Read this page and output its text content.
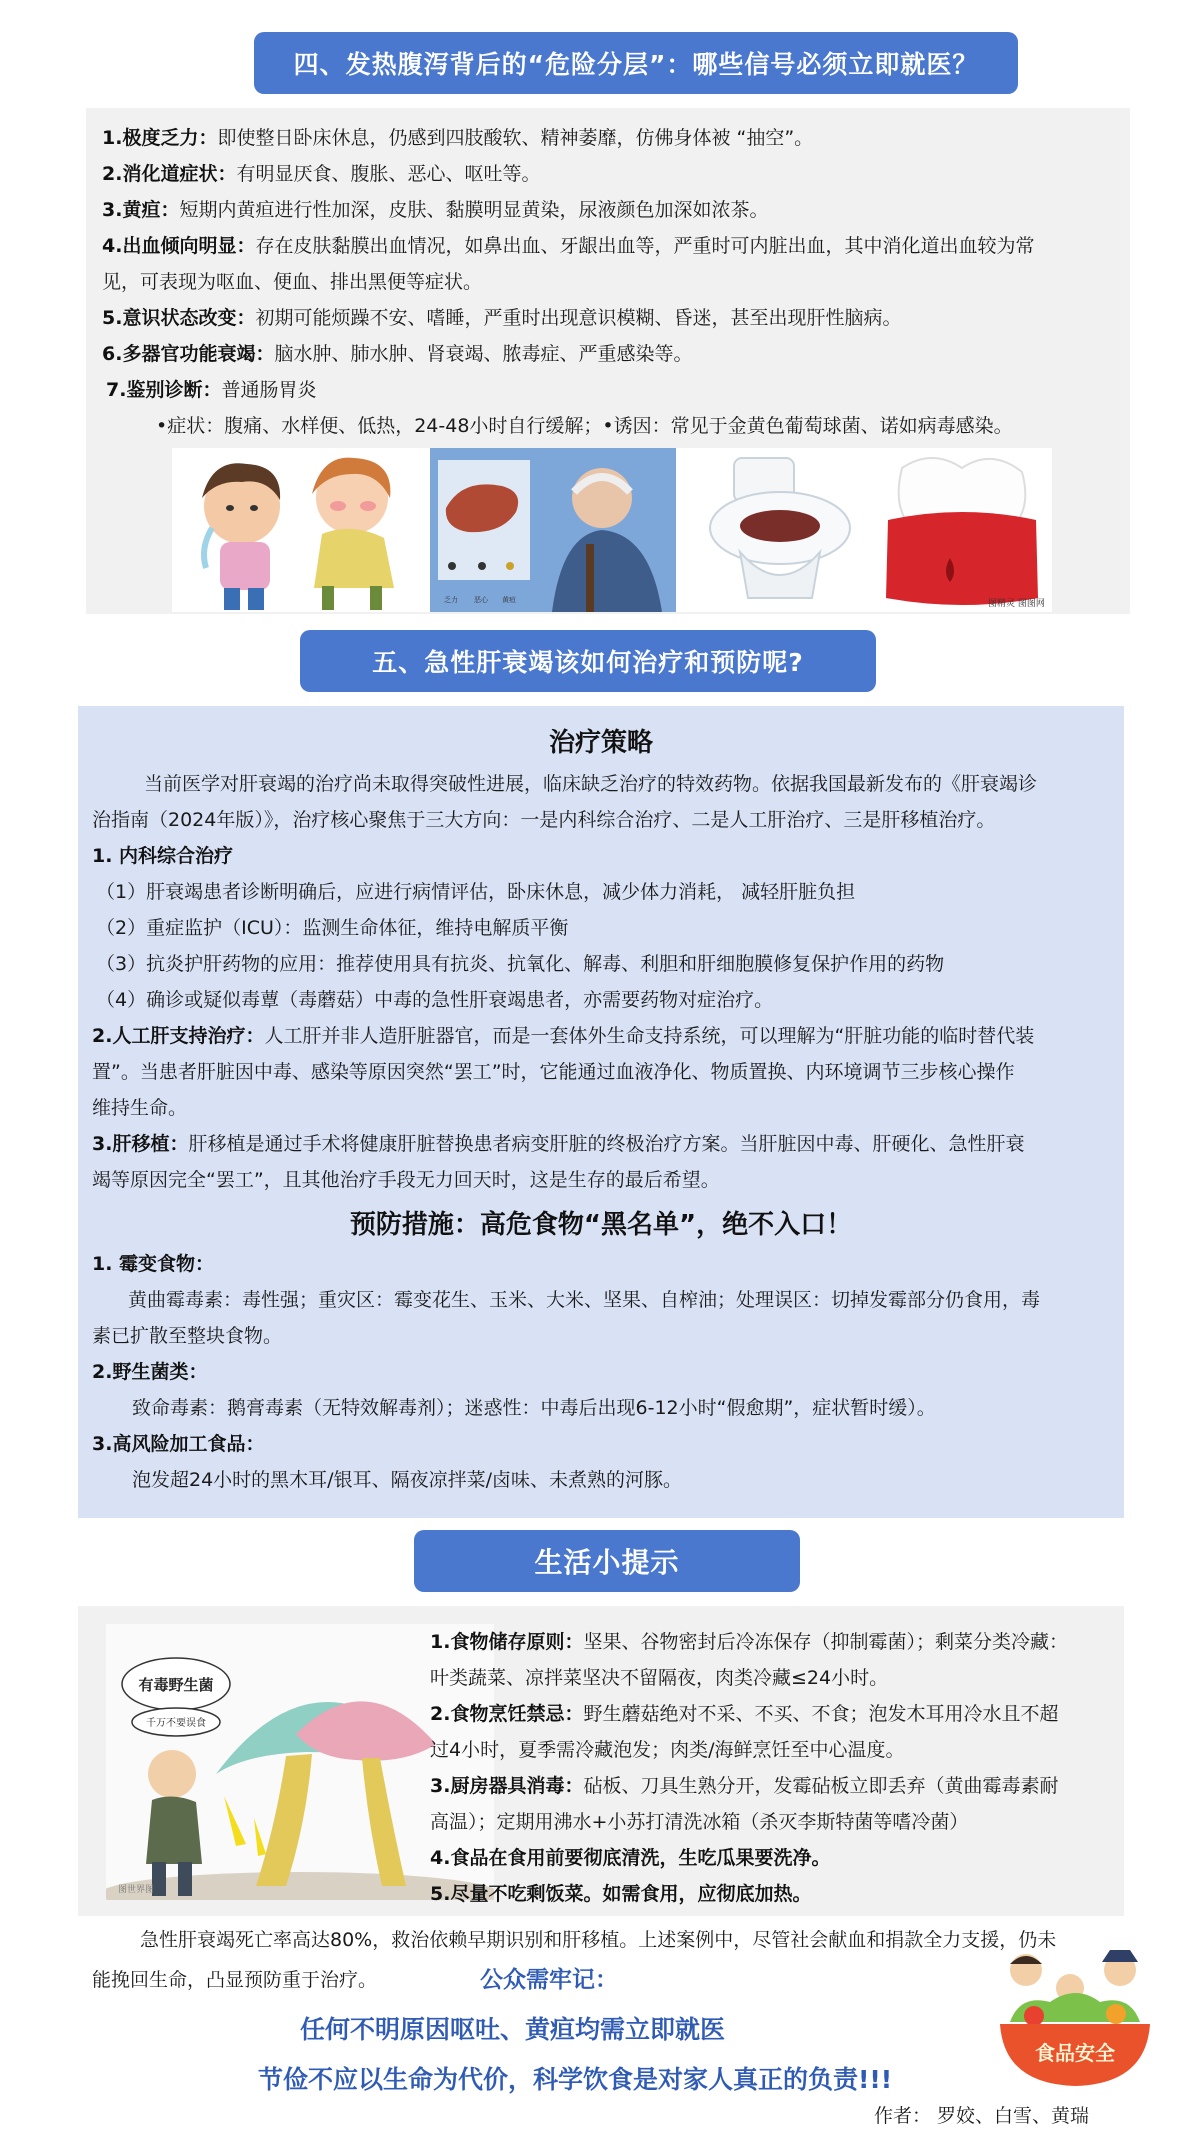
四、发热腹泻背后的“危险分层”：哪些信号必须立即就医？
1.极度乏力：即使整日卧床休息，仍感到四肢酸软、精神萎靡，仿佛身体被 “抽空”。
2.消化道症状：有明显厌食、腹胀、恶心、呕吐等。
3.黄疸：短期内黄疸进行性加深，皮肤、黏膜明显黄染，尿液颜色加深如浓茶。
4.出血倾向明显：存在皮肤黏膜出血情况，如鼻出血、牙龈出血等，严重时可内脏出血，其中消化道出血较为常
见，可表现为呕血、便血、排出黑便等症状。
5.意识状态改变：初期可能烦躁不安、嗜睡，严重时出现意识模糊、昏迷，甚至出现肝性脑病。
6.多器官功能衰竭：脑水肿、肺水肿、肾衰竭、脓毒症、严重感染等。
7.鉴别诊断：普通肠胃炎
•症状：腹痛、水样便、低热，24-48小时自行缓解；•诱因：常见于金黄色葡萄球菌、诺如病毒感染。
乏力 恶心 黄疸	图精灵 图图网
五、急性肝衰竭该如何治疗和预防呢?
治疗策略
当前医学对肝衰竭的治疗尚未取得突破性进展，临床缺乏治疗的特效药物。依据我国最新发布的《肝衰竭诊
治指南（2024年版）》，治疗核心聚焦于三大方向：一是内科综合治疗、二是人工肝治疗、三是肝移植治疗。
1. 内科综合治疗
（1）肝衰竭患者诊断明确后，应进行病情评估，卧床休息，减少体力消耗， 减轻肝脏负担
（2）重症监护（ICU）：监测生命体征，维持电解质平衡
（3）抗炎护肝药物的应用：推荐使用具有抗炎、抗氧化、解毒、利胆和肝细胞膜修复保护作用的药物
（4）确诊或疑似毒蕈（毒蘑菇）中毒的急性肝衰竭患者，亦需要药物对症治疗。
2.人工肝支持治疗：人工肝并非人造肝脏器官，而是一套体外生命支持系统，可以理解为“肝脏功能的临时替代装
置”。当患者肝脏因中毒、感染等原因突然“罢工”时，它能通过血液净化、物质置换、内环境调节三步核心操作
维持生命。
3.肝移植：肝移植是通过手术将健康肝脏替换患者病变肝脏的终极治疗方案。当肝脏因中毒、肝硬化、急性肝衰
竭等原因完全“罢工”，且其他治疗手段无力回天时，这是生存的最后希望。
预防措施：高危食物“黑名单”，绝不入口！
1. 霉变食物：
黄曲霉毒素：毒性强；重灾区：霉变花生、玉米、大米、坚果、自榨油；处理误区：切掉发霉部分仍食用，毒
素已扩散至整块食物。
2.野生菌类：
致命毒素：鹅膏毒素（无特效解毒剂）；迷惑性：中毒后出现6-12小时“假愈期”，症状暂时缓）。
3.高风险加工食品：
泡发超24小时的黑木耳/银耳、隔夜凉拌菜/卤味、未煮熟的河豚。
生活小提示
有毒野生菌
千万不要误食
图世界图
1.食物储存原则：坚果、谷物密封后冷冻保存（抑制霉菌）；剩菜分类冷藏：
叶类蔬菜、凉拌菜坚决不留隔夜，肉类冷藏≤24小时。
2.食物烹饪禁忌：野生蘑菇绝对不采、不买、不食；泡发木耳用冷水且不超
过4小时，夏季需冷藏泡发；肉类/海鲜烹饪至中心温度。
3.厨房器具消毒：砧板、刀具生熟分开，发霉砧板立即丢弃（黄曲霉毒素耐
高温）；定期用沸水+小苏打清洗冰箱（杀灭李斯特菌等嗜冷菌）
4.食品在食用前要彻底清洗，生吃瓜果要洗净。
5.尽量不吃剩饭菜。如需食用，应彻底加热。
急性肝衰竭死亡率高达80%，救治依赖早期识别和肝移植。上述案例中，尽管社会献血和捐款全力支援，仍未
能挽回生命，凸显预防重于治疗。	公众需牢记：
任何不明原因呕吐、黄疸均需立即就医
节俭不应以生命为代价，科学饮食是对家人真正的负责!!!
作者： 罗姣、白雪、黄瑞
食品安全
